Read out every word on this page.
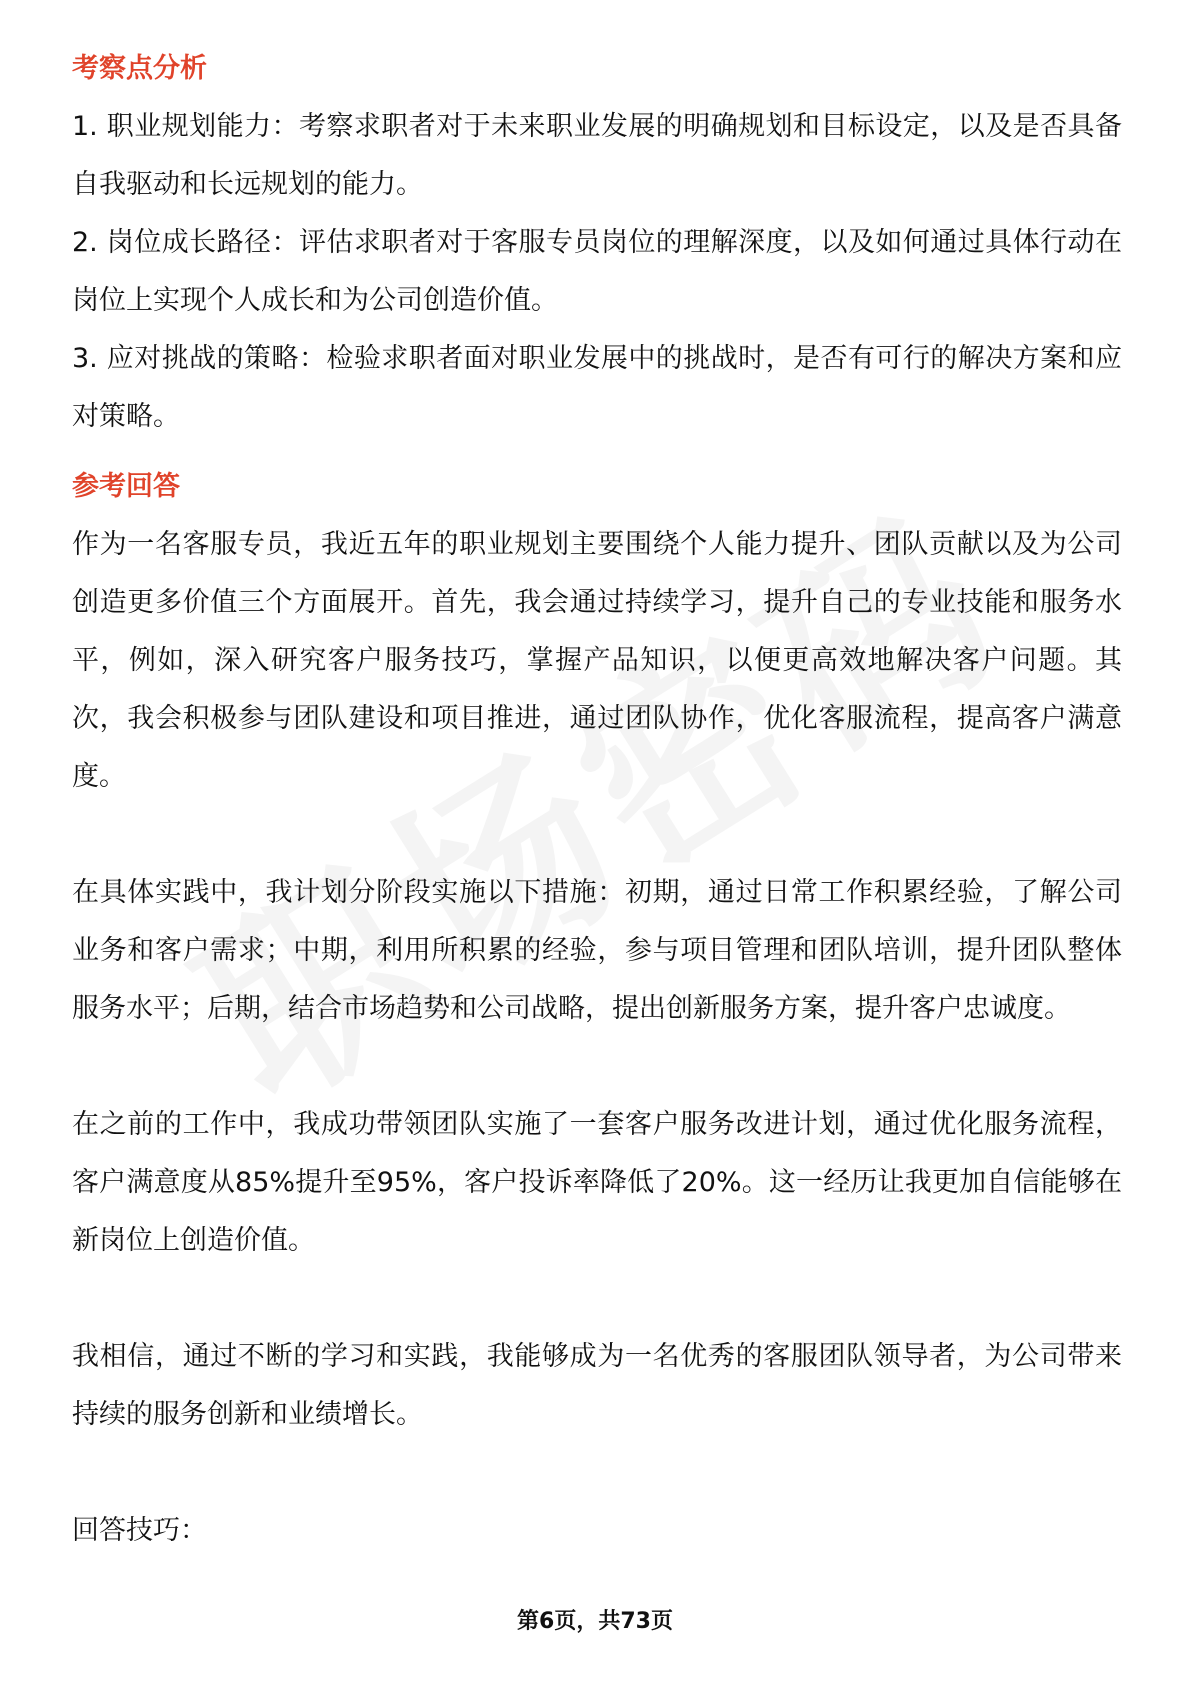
考察点分析

1. 职业规划能力：考察求职者对于未来职业发展的明确规划和目标设定，以及是否具备自我驱动和长远规划的能力。

2. 岗位成长路径：评估求职者对于客服专员岗位的理解深度，以及如何通过具体行动在岗位上实现个人成长和为公司创造价值。

3. 应对挑战的策略：检验求职者面对职业发展中的挑战时，是否有可行的解决方案和应对策略。

参考回答

作为一名客服专员，我近五年的职业规划主要围绕个人能力提升、团队贡献以及为公司创造更多价值三个方面展开。首先，我会通过持续学习，提升自己的专业技能和服务水平，例如，深入研究客户服务技巧，掌握产品知识，以便更高效地解决客户问题。其次，我会积极参与团队建设和项目推进，通过团队协作，优化客服流程，提高客户满意度。

在具体实践中，我计划分阶段实施以下措施：初期，通过日常工作积累经验，了解公司业务和客户需求；中期，利用所积累的经验，参与项目管理和团队培训，提升团队整体服务水平；后期，结合市场趋势和公司战略，提出创新服务方案，提升客户忠诚度。

在之前的工作中，我成功带领团队实施了一套客户服务改进计划，通过优化服务流程，客户满意度从85%提升至95%，客户投诉率降低了20%。这一经历让我更加自信能够在新岗位上创造价值。

我相信，通过不断的学习和实践，我能够成为一名优秀的客服团队领导者，为公司带来持续的服务创新和业绩增长。

回答技巧：

第6页，共73页
